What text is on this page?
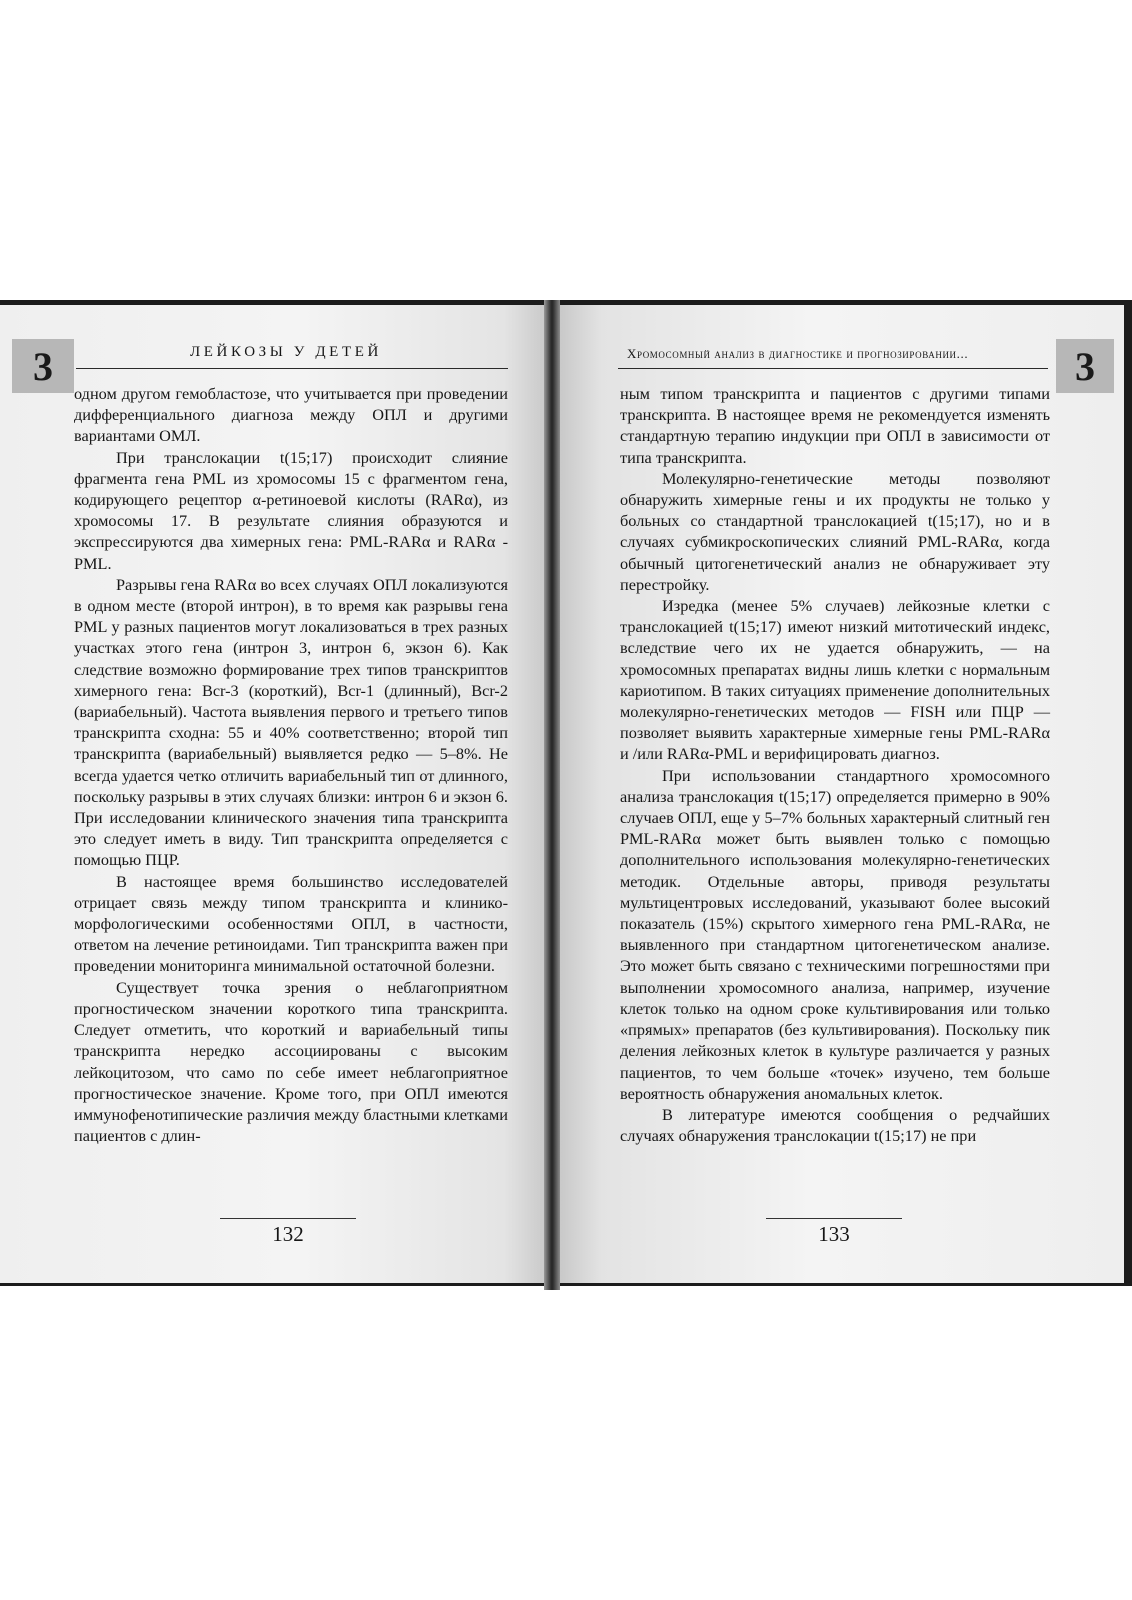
3	3
ЛЕЙКОЗЫ У ДЕТЕЙ	Хромосомный анализ в диагностике и прогнозировании...

одном другом гемобластозе, что учитывается при проведении дифференциального диагноза между ОПЛ и другими вариантами ОМЛ.

При транслокации t(15;17) происходит слияние фрагмента гена PML из хромосомы 15 с фрагментом гена, кодирующего рецептор α-ретиноевой кислоты (RARα), из хромосомы 17. В результате слияния образуются и экспрессируются два химерных гена: PML-RARα и RARα -PML.

Разрывы гена RARα во всех случаях ОПЛ локализуются в одном месте (второй интрон), в то время как разрывы гена PML у разных пациентов могут локализоваться в трех разных участках этого гена (интрон 3, интрон 6, экзон 6). Как следствие возможно формирование трех типов транскриптов химерного гена: Bcr-3 (короткий), Bcr-1 (длинный), Bcr-2 (вариабельный). Частота выявления первого и третьего типов транскрипта сходна: 55 и 40% соответственно; второй тип транскрипта (вариабельный) выявляется редко — 5–8%. Не всегда удается четко отличить вариабельный тип от длинного, поскольку разрывы в этих случаях близки: интрон 6 и экзон 6. При исследовании клинического значения типа транскрипта это следует иметь в виду. Тип транскрипта определяется с помощью ПЦР.

В настоящее время большинство исследователей отрицает связь между типом транскрипта и клинико-морфологическими особенностями ОПЛ, в частности, ответом на лечение ретиноидами. Тип транскрипта важен при проведении мониторинга минимальной остаточной болезни.

Существует точка зрения о неблагоприятном прогностическом значении короткого типа транскрипта. Следует отметить, что короткий и вариабельный типы транскрипта нередко ассоциированы с высоким лейкоцитозом, что само по себе имеет неблагоприятное прогностическое значение. Кроме того, при ОПЛ имеются иммунофенотипические различия между бластными клетками пациентов с длин-

ным типом транскрипта и пациентов с другими типами транскрипта. В настоящее время не рекомендуется изменять стандартную терапию индукции при ОПЛ в зависимости от типа транскрипта.

Молекулярно-генетические методы позволяют обнаружить химерные гены и их продукты не только у больных со стандартной транслокацией t(15;17), но и в случаях субмикроскопических слияний PML-RARα, когда обычный цитогенетический анализ не обнаруживает эту перестройку.

Изредка (менее 5% случаев) лейкозные клетки с транслокацией t(15;17) имеют низкий митотический индекс, вследствие чего их не удается обнаружить, — на хромосомных препаратах видны лишь клетки с нормальным кариотипом. В таких ситуациях применение дополнительных молекулярно-генетических методов — FISH или ПЦР — позволяет выявить характерные химерные гены PML-RARα и /или RARα-PML и верифицировать диагноз.

При использовании стандартного хромосомного анализа транслокация t(15;17) определяется примерно в 90% случаев ОПЛ, еще у 5–7% больных характерный слитный ген PML-RARα может быть выявлен только с помощью дополнительного использования молекулярно-генетических методик. Отдельные авторы, приводя результаты мультицентровых исследований, указывают более высокий показатель (15%) скрытого химерного гена PML-RARα, не выявленного при стандартном цитогенетическом анализе. Это может быть связано с техническими погрешностями при выполнении хромосомного анализа, например, изучение клеток только на одном сроке культивирования или только «прямых» препаратов (без культивирования). Поскольку пик деления лейкозных клеток в культуре различается у разных пациентов, то чем больше «точек» изучено, тем больше вероятность обнаружения аномальных клеток.

В литературе имеются сообщения о редчайших случаях обнаружения транслокации t(15;17) не при

132	133
